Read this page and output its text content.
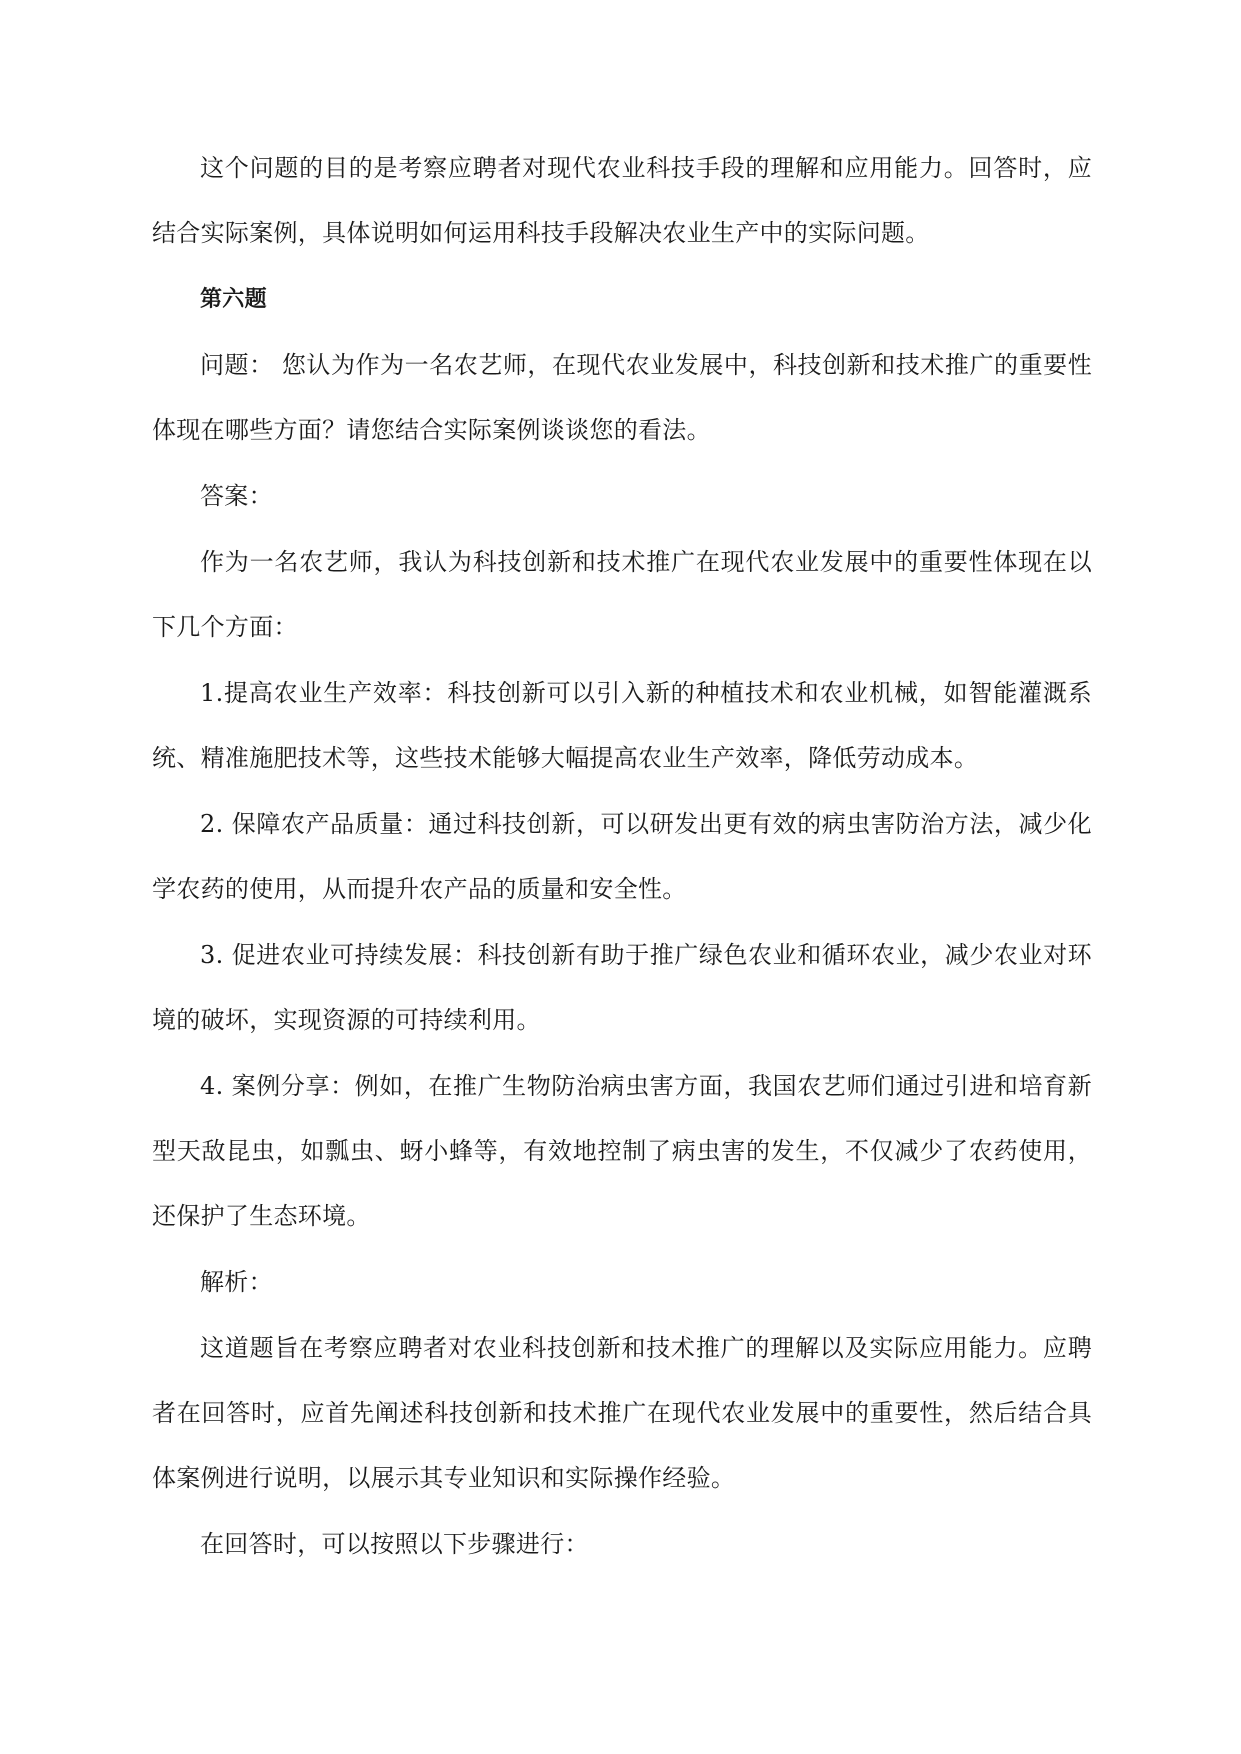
这个问题的目的是考察应聘者对现代农业科技手段的理解和应用能力。回答时，应结合实际案例，具体说明如何运用科技手段解决农业生产中的实际问题。

第六题

问题： 您认为作为一名农艺师，在现代农业发展中，科技创新和技术推广的重要性体现在哪些方面？请您结合实际案例谈谈您的看法。

答案：

作为一名农艺师，我认为科技创新和技术推广在现代农业发展中的重要性体现在以下几个方面：

1.提高农业生产效率：科技创新可以引入新的种植技术和农业机械，如智能灌溉系统、精准施肥技术等，这些技术能够大幅提高农业生产效率，降低劳动成本。

2. 保障农产品质量：通过科技创新，可以研发出更有效的病虫害防治方法，减少化学农药的使用，从而提升农产品的质量和安全性。

3. 促进农业可持续发展：科技创新有助于推广绿色农业和循环农业，减少农业对环境的破坏，实现资源的可持续利用。

4. 案例分享：例如，在推广生物防治病虫害方面，我国农艺师们通过引进和培育新型天敌昆虫，如瓢虫、蚜小蜂等，有效地控制了病虫害的发生，不仅减少了农药使用，还保护了生态环境。

解析：

这道题旨在考察应聘者对农业科技创新和技术推广的理解以及实际应用能力。应聘者在回答时，应首先阐述科技创新和技术推广在现代农业发展中的重要性，然后结合具体案例进行说明，以展示其专业知识和实际操作经验。

在回答时，可以按照以下步骤进行：
